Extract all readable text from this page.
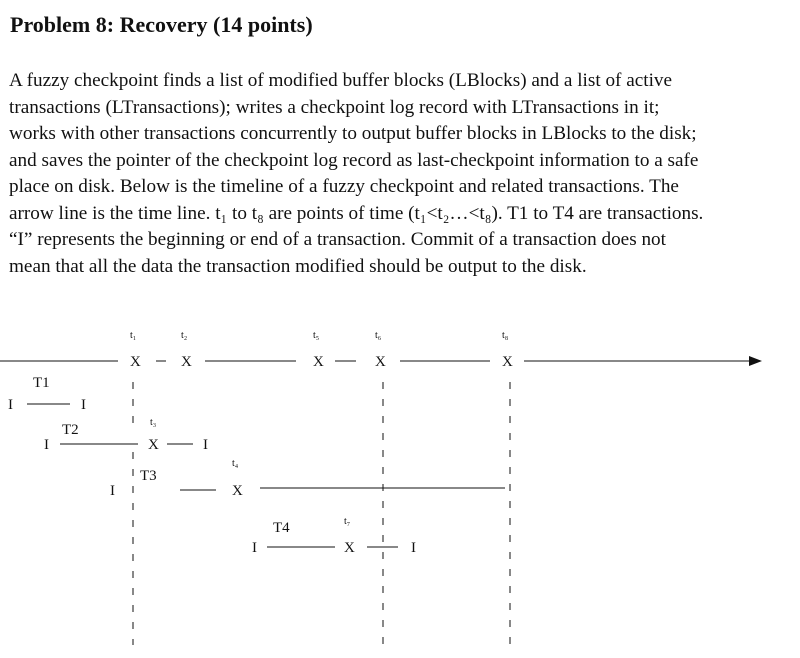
Problem 8: Recovery (14 points)
A fuzzy checkpoint finds a list of modified buffer blocks (LBlocks) and a list of active
transactions (LTransactions); writes a checkpoint log record with LTransactions in it;
works with other transactions concurrently to output buffer blocks in LBlocks to the disk;
and saves the pointer of the checkpoint log record as last-checkpoint information to a safe
place on disk. Below is the timeline of a fuzzy checkpoint and related transactions. The
arrow line is the time line. t₁ to t₈ are points of time (t₁<t₂…<t₈). T1 to T4 are transactions.
“I” represents the beginning or end of a transaction. Commit of a transaction does not
mean that all the data the transaction modified should be output to the disk.
t₁	t₂
t₃
t₄
t₅	t₆
t₇
t₈
X	X	X	X	X
T1
I	I
T2
I	X	I
T3
I	X
T4
I	X	I
